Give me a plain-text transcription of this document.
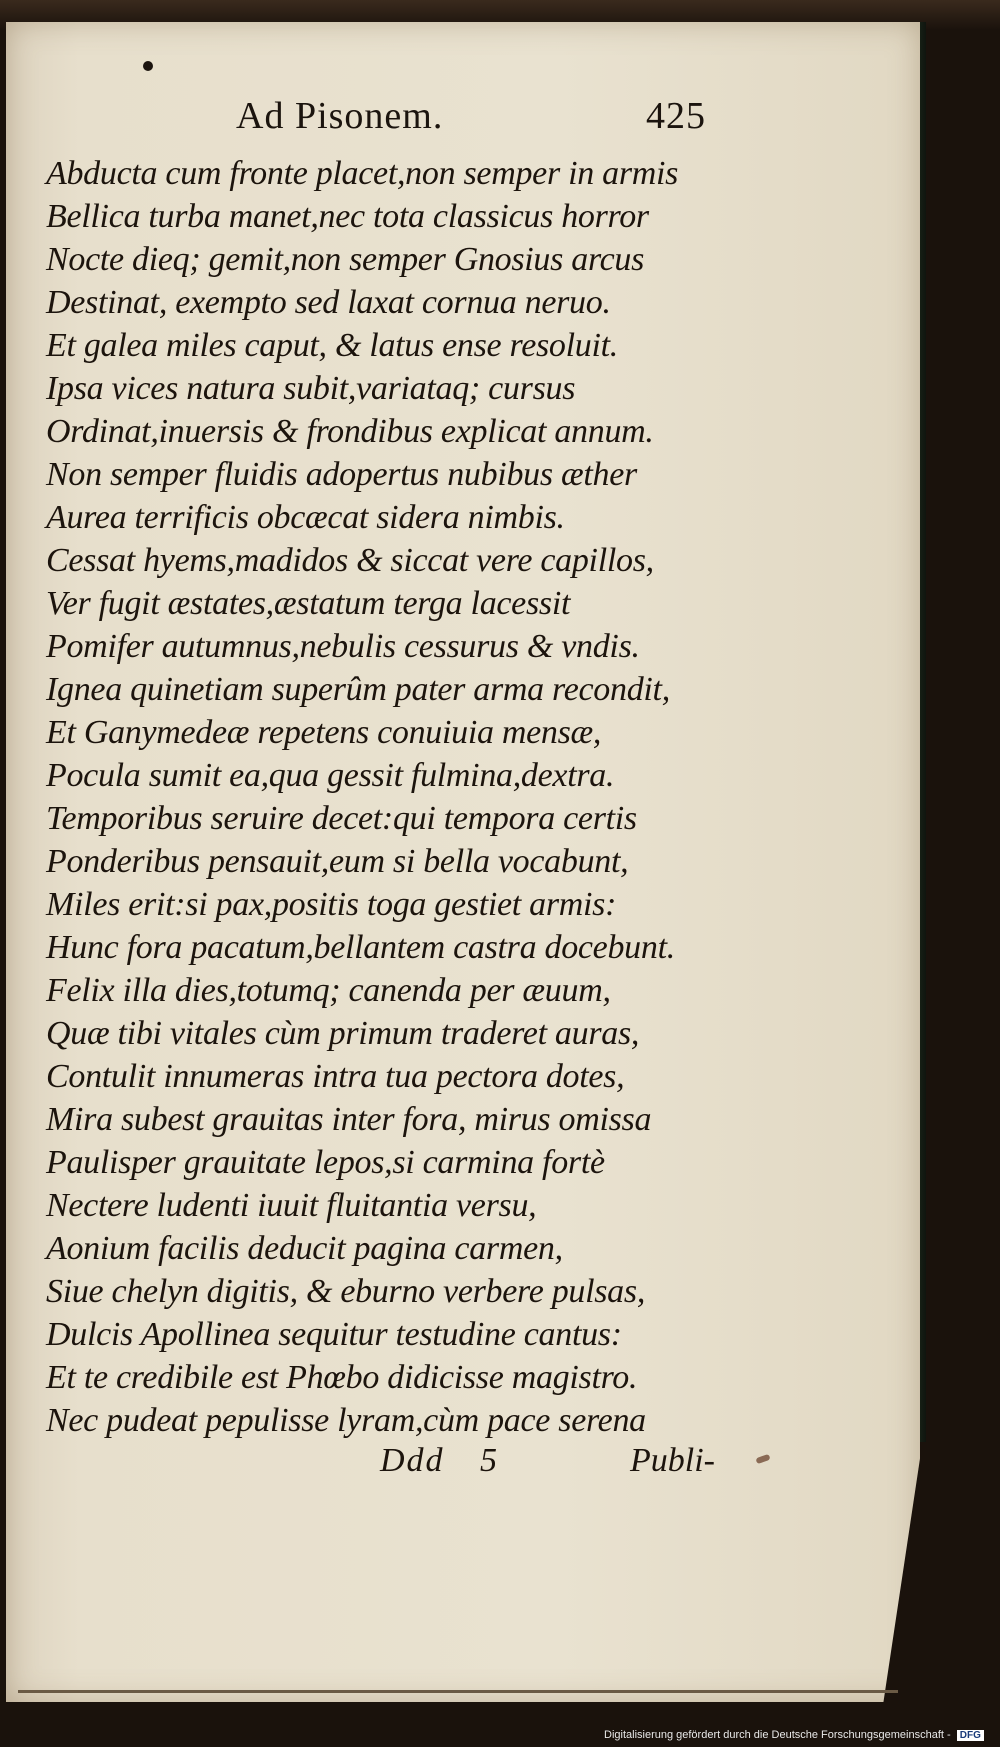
Ad Pisonem.	425
Abducta cum fronte placet,non semper in armis
Bellica turba manet,nec tota classicus horror
Nocte dieq; gemit,non semper Gnosius arcus
Destinat, exempto sed laxat cornua neruo.
Et galea miles caput, & latus ense resoluit.
Ipsa vices natura subit,variataq; cursus
Ordinat,inuersis & frondibus explicat annum.
Non semper fluidis adopertus nubibus æther
Aurea terrificis obcæcat sidera nimbis.
Cessat hyems,madidos & siccat vere capillos,
Ver fugit æstates,æstatum terga lacessit
Pomifer autumnus,nebulis cessurus & vndis.
Ignea quinetiam superûm pater arma recondit,
Et Ganymedeæ repetens conuiuia mensæ,
Pocula sumit ea,qua gessit fulmina,dextra.
Temporibus seruire decet:qui tempora certis
Ponderibus pensauit,eum si bella vocabunt,
Miles erit:si pax,positis toga gestiet armis:
Hunc fora pacatum,bellantem castra docebunt.
Felix illa dies,totumq; canenda per æuum,
Quæ tibi vitales cùm primum traderet auras,
Contulit innumeras intra tua pectora dotes,
Mira subest grauitas inter fora, mirus omissa
Paulisper grauitate lepos,si carmina fortè
Nectere ludenti iuuit fluitantia versu,
Aonium facilis deducit pagina carmen,
Siue chelyn digitis, & eburno verbere pulsas,
Dulcis Apollinea sequitur testudine cantus:
Et te credibile est Phœbo didicisse magistro.
Nec pudeat pepulisse lyram,cùm pace serena
Ddd 5	Publi-
Digitalisierung gefördert durch die Deutsche Forschungsgemeinschaft - DFG
